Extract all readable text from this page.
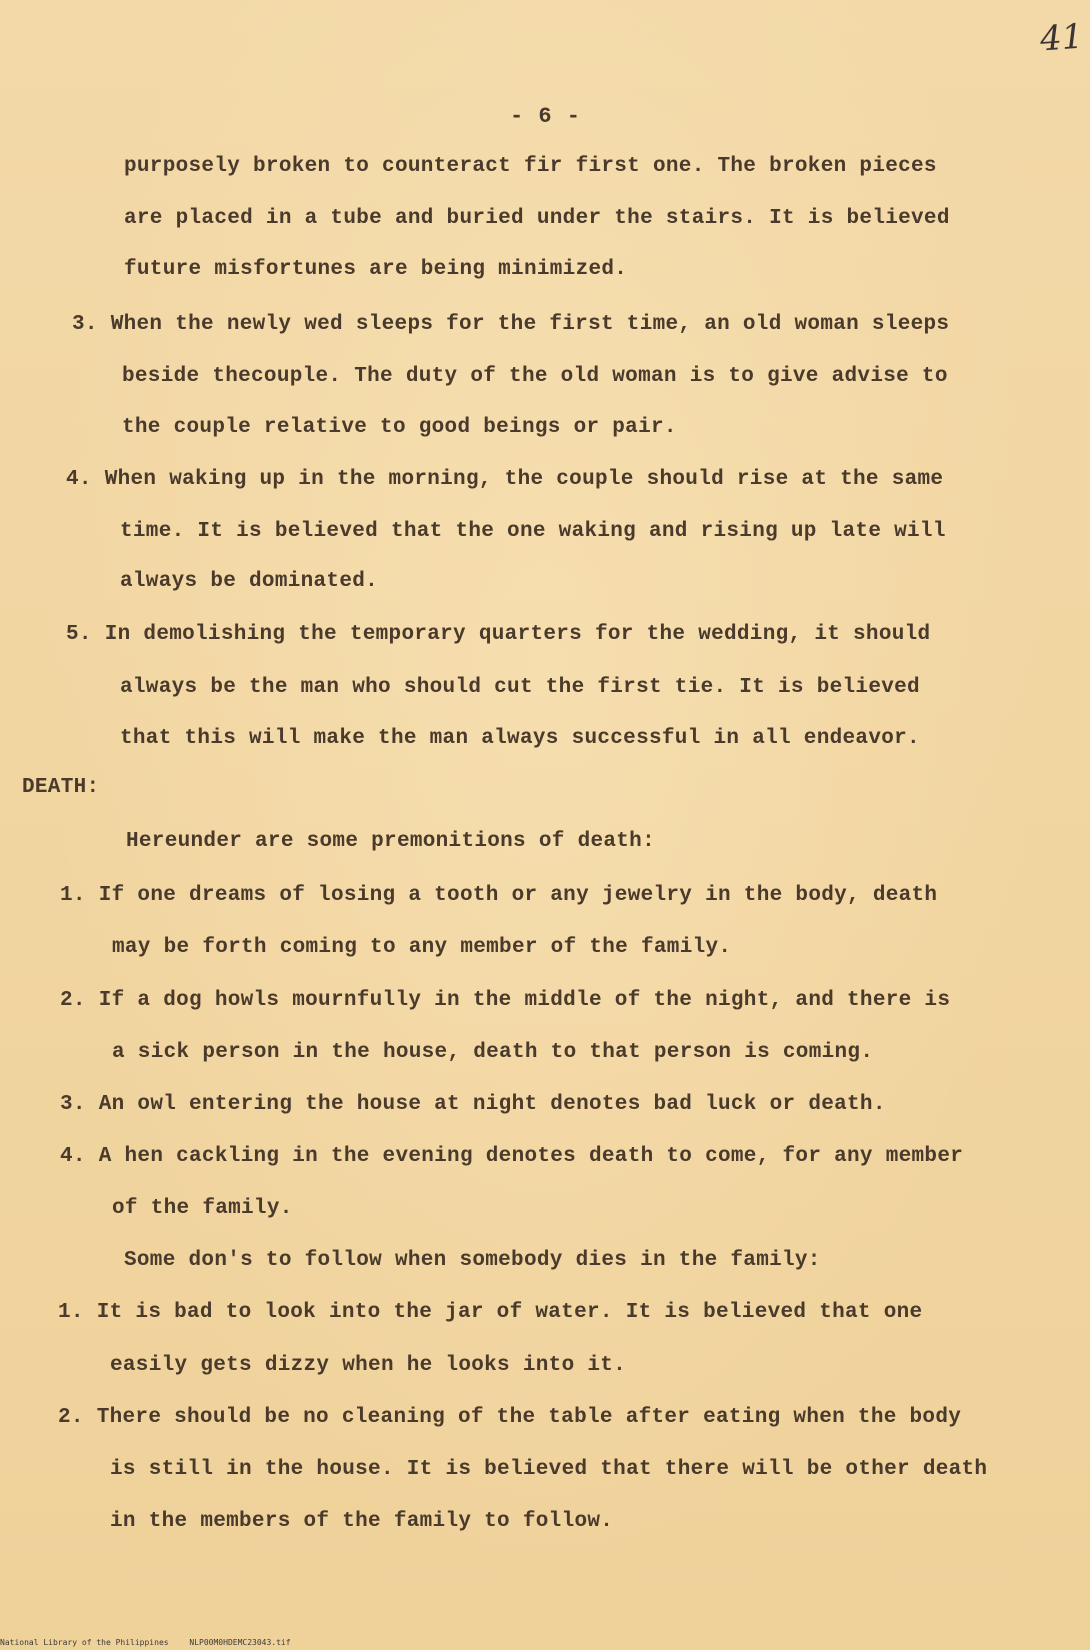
41
- 6 -
purposely broken to counteract fir first one. The broken pieces
are placed in a tube and buried under the stairs. It is believed
future misfortunes are being minimized.
3. When the newly wed sleeps for the first time, an old woman sleeps
beside thecouple. The duty of the old woman is to give advise to
the couple relative to good beings or pair.
4. When waking up in the morning, the couple should rise at the same
time. It is believed that the one waking and rising up late will
always be dominated.
5. In demolishing the temporary quarters for the wedding, it should
always be the man who should cut the first tie. It is believed
that this will make the man always successful in all endeavor.
DEATH:
Hereunder are some premonitions of death:
1. If one dreams of losing a tooth or any jewelry in the body, death
may be forth coming to any member of the family.
2. If a dog howls mournfully in the middle of the night, and there is
a sick person in the house, death to that person is coming.
3. An owl entering the house at night denotes bad luck or death.
4. A hen cackling in the evening denotes death to come, for any member
of the family.
Some don's to follow when somebody dies in the family:
1. It is bad to look into the jar of water. It is believed that one
easily gets dizzy when he looks into it.
2. There should be no cleaning of the table after eating when the body
is still in the house. It is believed that there will be other death
in the members of the family to follow.
National Library of the Philippines	NLP00M0HDEMC23043.tif
